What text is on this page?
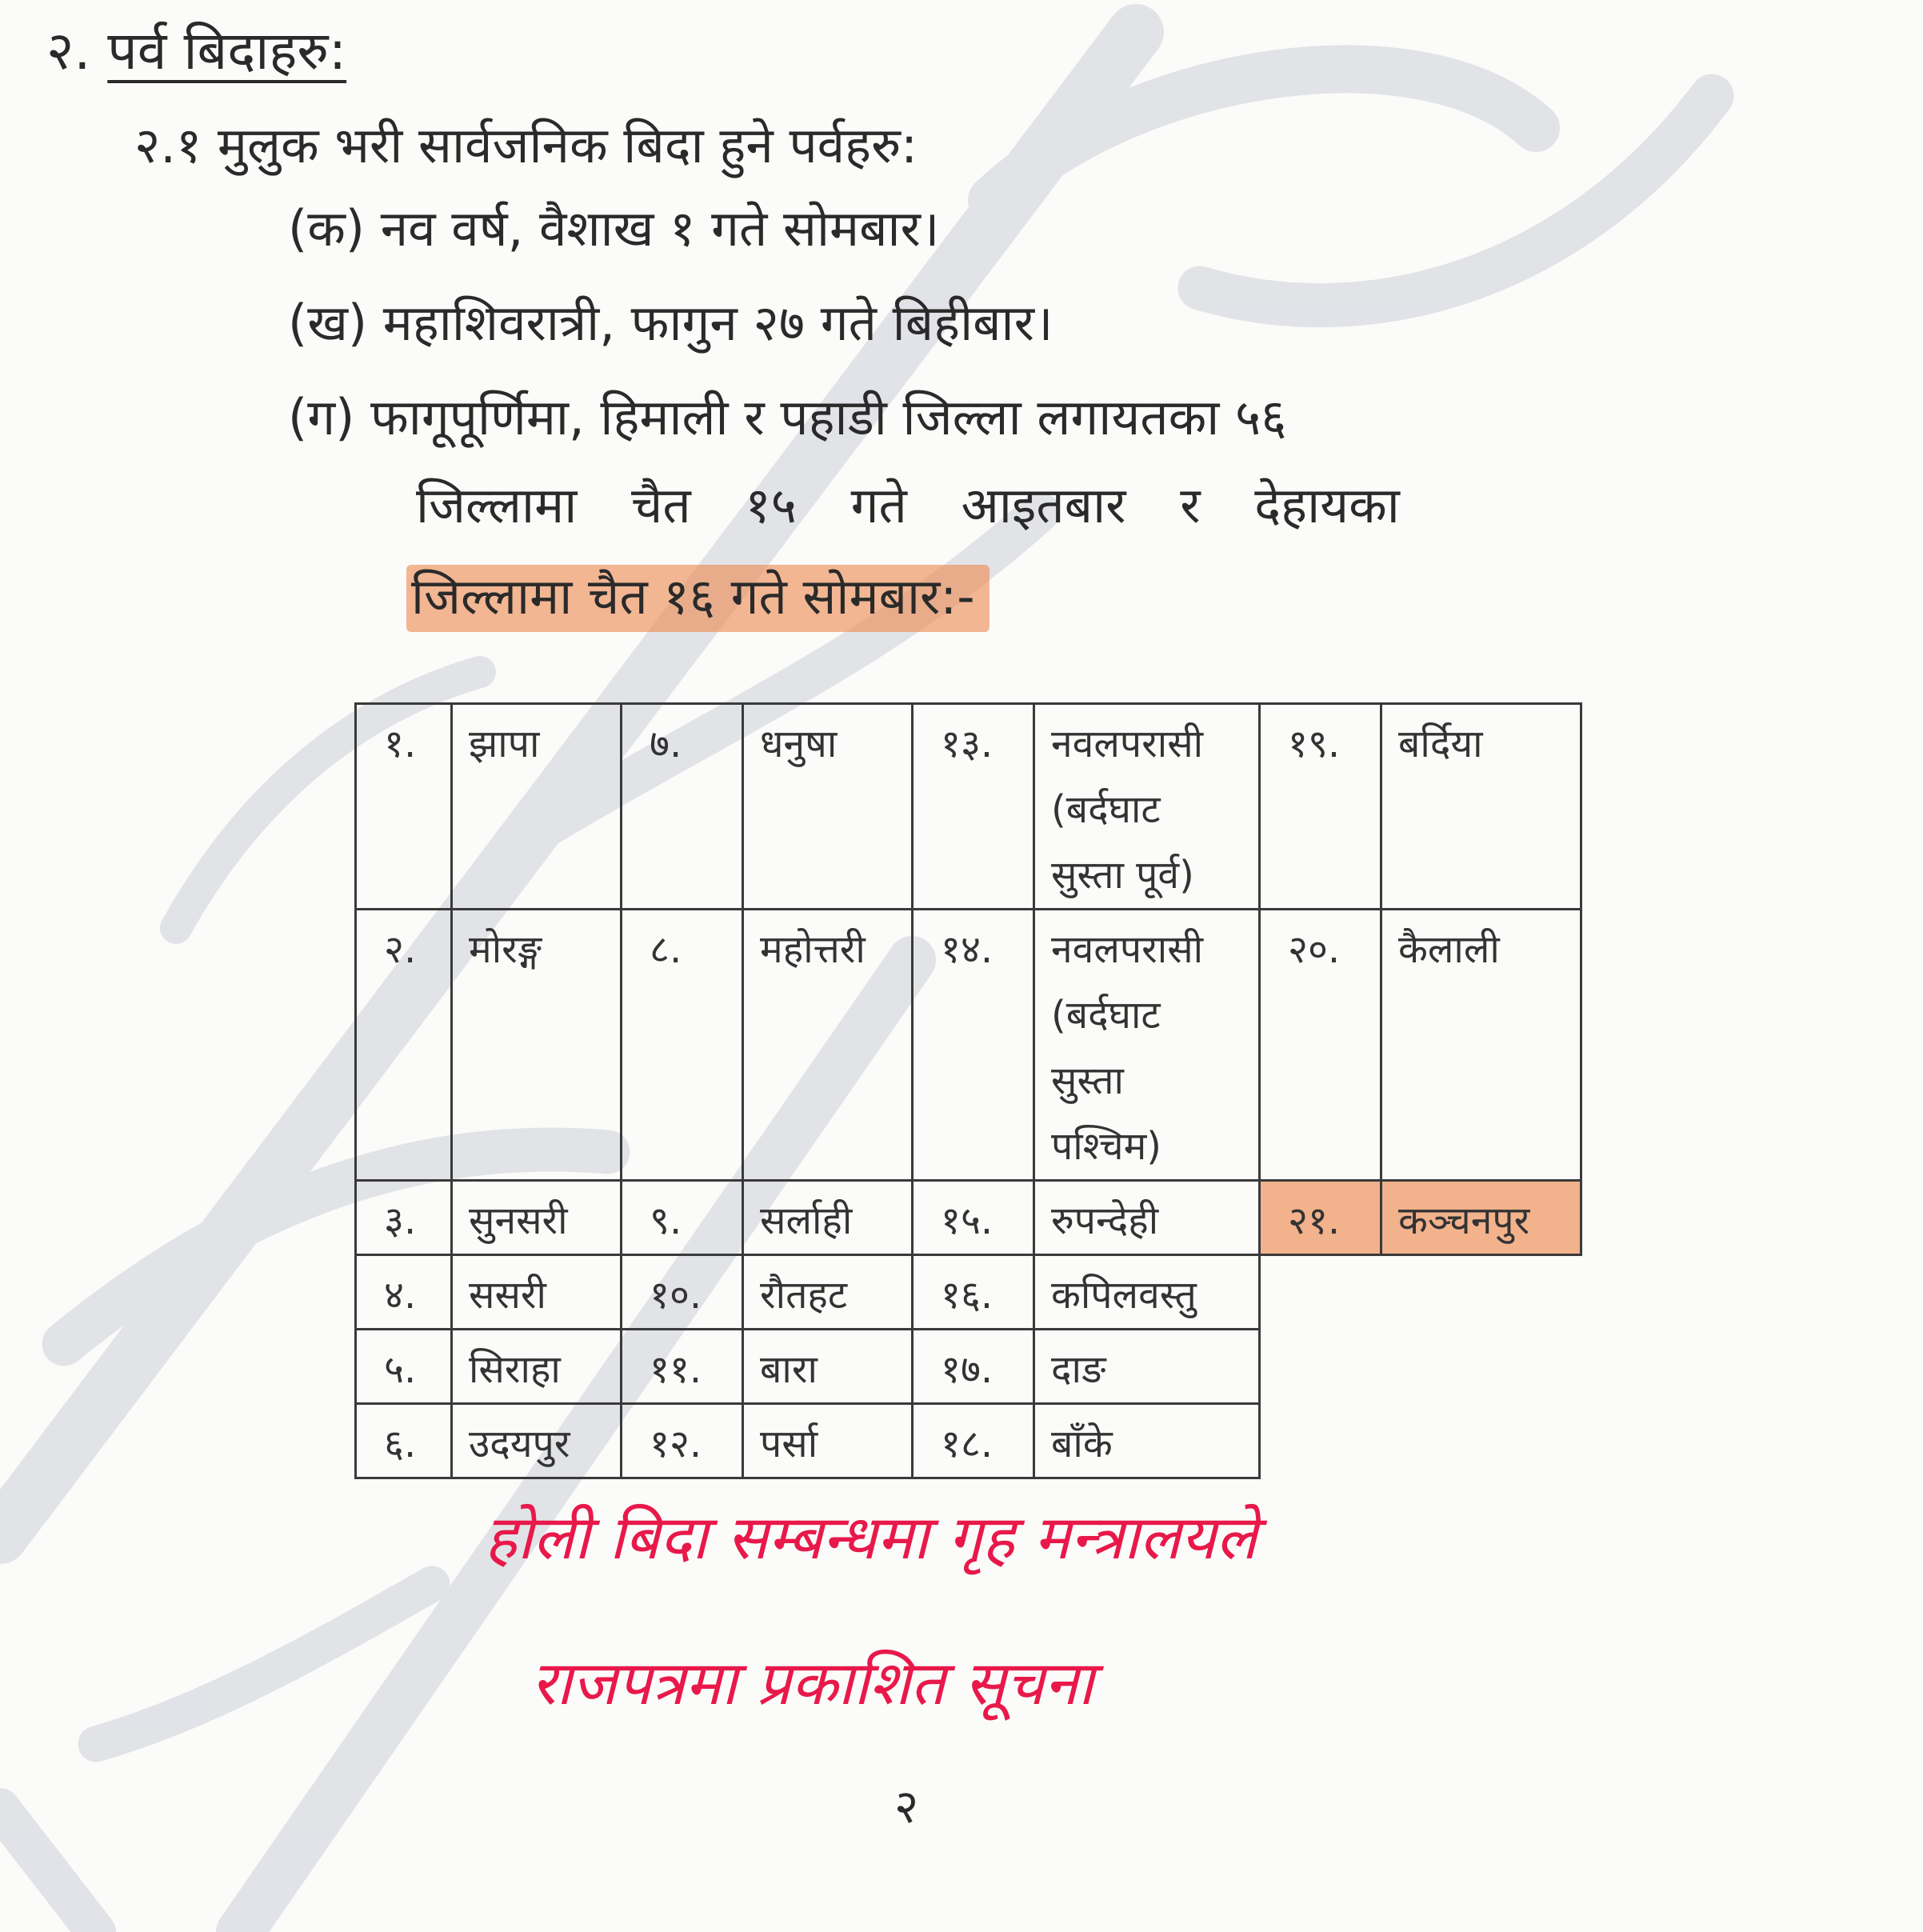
२. पर्व बिदाहरु:
२.१ मुलुक भरी सार्वजनिक बिदा हुने पर्वहरु:
(क) नव वर्ष, वैशाख १ गते सोमबार।
(ख) महाशिवरात्री, फागुन २७ गते बिहीबार।
(ग) फागूपूर्णिमा, हिमाली र पहाडी जिल्ला लगायतका ५६
जिल्लामा चैत १५ गते आइतबार र देहायका
जिल्लामा चैत १६ गते सोमबार:-
१.	झापा	७.	धनुषा	१३.	नवलपरासी
(बर्दघाट
सुस्ता पूर्व)	१९.	बर्दिया
२.	मोरङ्ग	८.	महोत्तरी	१४.	नवलपरासी
(बर्दघाट
सुस्ता
पश्चिम)	२०.	कैलाली
३.	सुनसरी	९.	सर्लाही	१५.	रुपन्देही	२१.	कञ्चनपुर
४.	ससरी	१०.	रौतहट	१६.	कपिलवस्तु		
५.	सिराहा	११.	बारा	१७.	दाङ		
६.	उदयपुर	१२.	पर्सा	१८.	बाँके		
होली बिदा सम्बन्धमा गृह मन्त्रालयले
राजपत्रमा प्रकाशित सूचना
२
